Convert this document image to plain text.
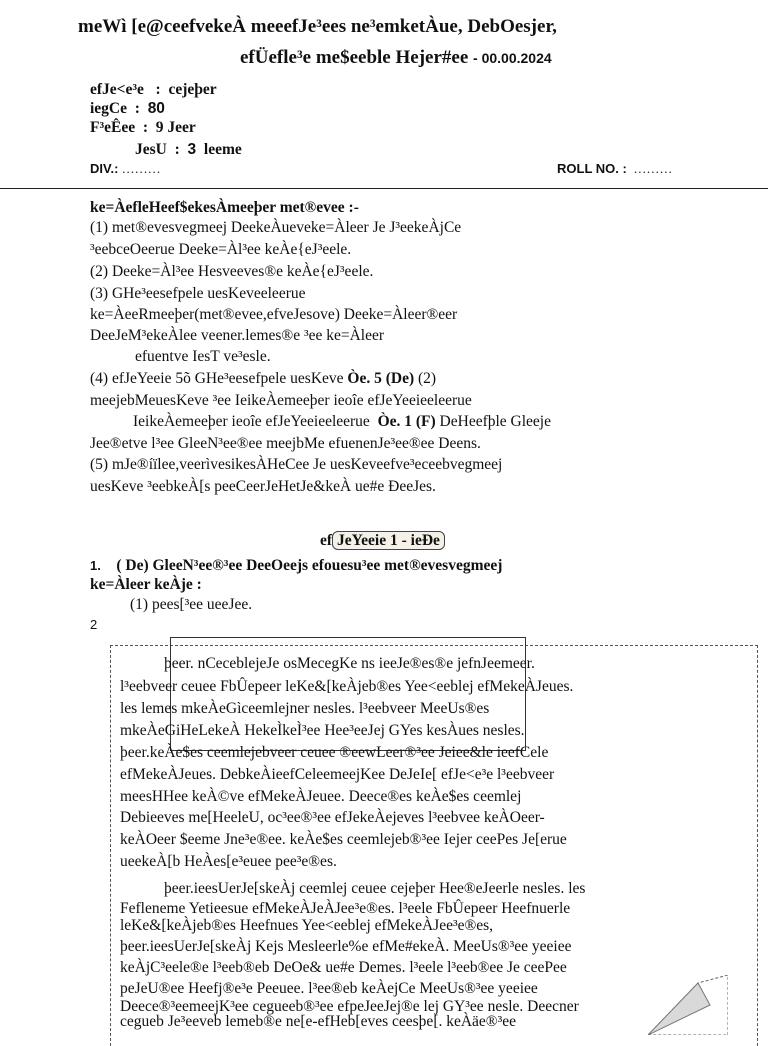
meWì [e@ceefvekeÀ meeefJe³ees ne³emketÀue, DebOesjer,
efÜefle³e me$eeble Hejer#ee - 00.00.2024
efJe<e³e   :  cejeþer
iegCe  :  80
F³eÊee  :  9 Jeer
JesU  :  3 leeme
DIV.: ………	ROLL NO. : ………
ke=ÀefleHeef$ekesÀmeeþer met®evee :-
(1) met®evesvegmeej DeekeÀueveke=Àleer Je J³eekeÀjCe
³eebceOeerue Deeke=Àl³ee keÀe{eJ³eele.
(2) Deeke=Àl³ee Hesveeves®e keÀe{eJ³eele.
(3) GHe³eesefpele uesKeveeleerue
ke=ÀeeRmeeþer(met®evee,efveJesove) Deeke=Àleer®eer
DeeJeM³ekeÀlee veener.lemes®e ³ee ke=Àleer
efuentve IesT ve³esle.
(4) efJeYeeie 5õ GHe³eesefpele uesKeve Òe. 5 (De) (2)
meejebMeuesKeve ³ee IeikeÀemeeþer ieoîe efJeYeeieeleerue
IeikeÀemeeþer ieoîe efJeYeeieeleerue Òe. 1 (F) DeHeefþle Gleeje
Jee®etve l³ee GleeN³ee®ee meejbMe efuenenJe³ee®ee Deens.
(5) mJe®íïlee,veerìvesikesÀHeCee Je uesKeveefve³eceebvegmeej
uesKeve ³eebkeÀ[s peeCeerJeHetJe&keÀ ue#e ÐeeJes.
ef JeYeeie 1 - ieÐe
1. ( De) GleeN³ee®³ee DeeOeejs efouesu³ee met®evesvegmeej
ke=Àleer keÀje :
(1) pees[³ee ueeJee.
2
þeer. nCeceblejeJe osMecegKe ns ieeJe®es®e jefnJeemeer.
l³eebveer ceuee FbÛepeer leKe&[keÀjeb®es Yee<eeblej efMekeÀJeues.
les lemes mkeÀeGìceemlejner nesles. l³eebveer MeeUs®es
mkeÀeGiHeLekeÀ HekeÌkeÌ³ee Hee³eeJej GYes kesÀues nesles.
þeer.keÀe$es ceemlejebveer ceuee ®eewLeer®³ee Jeiee&le ieefCele
efMekeÀJeues. DebkeÀieefCeleemeejKee DeJeIe[ efJe<e³e l³eebveer
meesHHee keÀ©ve efMekeÀJeuee. Deece®es keÀe$es ceemlej
Debieeves me[HeeleU, oc³ee®³ee efJekeÀejeves l³eebvee keÀOeer-
keÀOeer $eeme Jne³e®ee. keÀe$es ceemlejeb®³ee Iejer ceePes Je[erue
ueekeÀ[b HeÀes[e³euee pee³e®es.
þeer.ieesUerJe[skeÀj ceemlej ceuee cejeþer Hee®eJeerle nesles. les
Fefleneme Yetieesue efMekeÀJeÀJee³e®es. l³eele FbÛepeer Heefnuerle
leKe&[keÀjeb®es Heefnues Yee<eeblej efMekeÀJee³e®es,
þeer.ieesUerJe[skeÀj Kejs Mesleerle%e efMe#ekeÀ. MeeUs®³ee yeeiee
keÀjC³eele®e l³eeb®eb DeOe& ue#e Demes. l³eele l³eeb®ee Je ceePee
peJeU®ee Heefj®e³e Peeuee. l³ee®eb keÀejCe MeeUs®³ee yeeiee
Deece®³eemeejK³ee cegueeb®³ee efpeJeeJej®e lej GY³ee nesle. Deecner
cegueb Je³eeveb lemeb®e ne[e-efHeb[eves ceesþe[. keÀäe®³ee
